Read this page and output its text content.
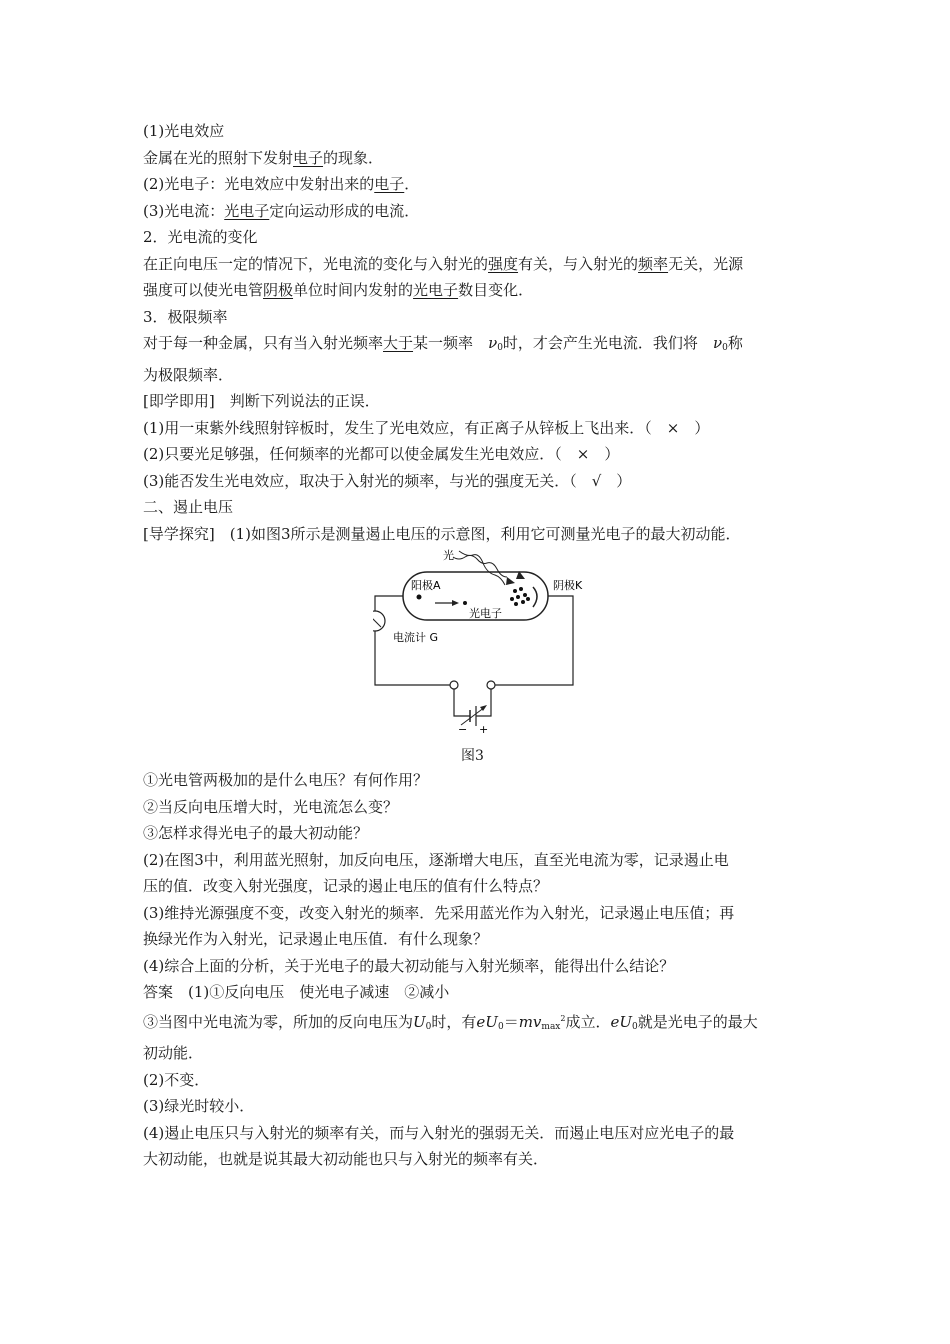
(1)光电效应
金属在光的照射下发射电子的现象．
(2)光电子：光电效应中发射出来的电子．
(3)光电流：光电子定向运动形成的电流．
2．光电流的变化
在正向电压一定的情况下，光电流的变化与入射光的强度有关，与入射光的频率无关，光源
强度可以使光电管阴极单位时间内发射的光电子数目变化．
3．极限频率
对于每一种金属，只有当入射光频率大于某一频率　 $\nu_0$时，才会产生光电流．我们将　 $\nu_0$称
为极限频率．
[即学即用]　判断下列说法的正误．
(1)用一束紫外线照射锌板时，发生了光电效应，有正离子从锌板上飞出来．（　×　）
(2)只要光足够强，任何频率的光都可以使金属发生光电效应．（　×　）
(3)能否发生光电效应，取决于入射光的频率，与光的强度无关．（　√　）
二、遏止电压
[导学探究]　(1)如图3所示是测量遏止电压的示意图，利用它可测量光电子的最大初动能．
光
阳极A	阴极K
光电子
电流计 G
− +
图3
①光电管两极加的是什么电压？有何作用？
②当反向电压增大时，光电流怎么变？
③怎样求得光电子的最大初动能？
(2)在图3中，利用蓝光照射，加反向电压，逐渐增大电压，直至光电流为零，记录遏止电
压的值．改变入射光强度，记录的遏止电压的值有什么特点？
(3)维持光源强度不变，改变入射光的频率．先采用蓝光作为入射光，记录遏止电压值；再
换绿光作为入射光，记录遏止电压值．有什么现象？
(4)综合上面的分析，关于光电子的最大初动能与入射光频率，能得出什么结论？
答案　(1)①反向电压　使光电子减速　②减小
③当图中光电流为零，所加的反向电压为$U_0$时，有$eU_0=mv_{max}^2$成立．$eU_0$就是光电子的最大
初动能．
(2)不变．
(3)绿光时较小．
(4)遏止电压只与入射光的频率有关，而与入射光的强弱无关．而遏止电压对应光电子的最
大初动能，也就是说其最大初动能也只与入射光的频率有关．
